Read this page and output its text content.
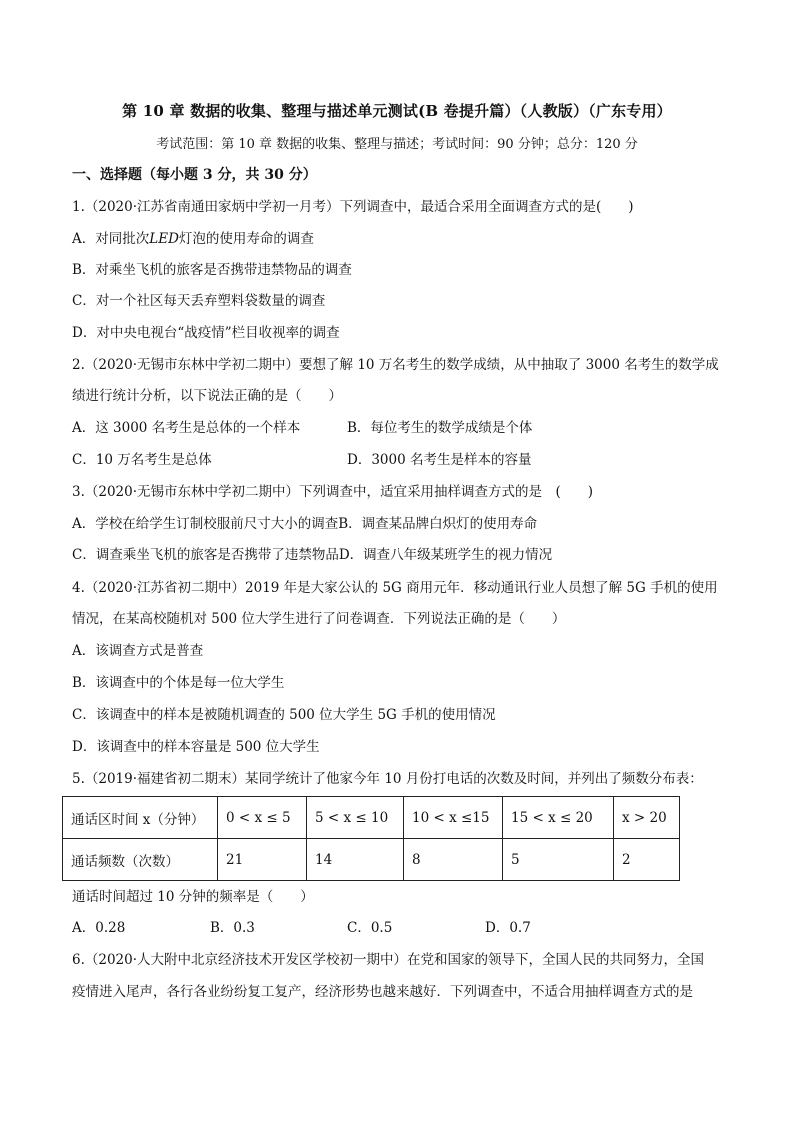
第 10 章 数据的收集、整理与描述单元测试(B 卷提升篇）（人教版）（广东专用）
考试范围：第 10 章 数据的收集、整理与描述；考试时间：90 分钟；总分：120 分
一、选择题（每小题 3 分，共 30 分）
1.（2020·江苏省南通田家炳中学初一月考）下列调查中，最适合采用全面调查方式的是(　　)
A．对同批次LED灯泡的使用寿命的调查
B．对乘坐飞机的旅客是否携带违禁物品的调查
C．对一个社区每天丢弃塑料袋数量的调查
D．对中央电视台“战疫情”栏目收视率的调查
2.（2020·无锡市东林中学初二期中）要想了解 10 万名考生的数学成绩，从中抽取了 3000 名考生的数学成
绩进行统计分析，以下说法正确的是（　　）
A．这 3000 名考生是总体的一个样本	B．每位考生的数学成绩是个体
C．10 万名考生是总体	D．3000 名考生是样本的容量
3.（2020·无锡市东林中学初二期中）下列调查中，适宜采用抽样调查方式的是　(　　)
A．学校在给学生订制校服前尺寸大小的调查B．调查某品牌白炽灯的使用寿命
C．调查乘坐飞机的旅客是否携带了违禁物品D．调查八年级某班学生的视力情况
4.（2020·江苏省初二期中）2019 年是大家公认的 5G 商用元年．移动通讯行业人员想了解 5G 手机的使用
情况，在某高校随机对 500 位大学生进行了问卷调查．下列说法正确的是（　　）
A．该调查方式是普查
B．该调查中的个体是每一位大学生
C．该调查中的样本是被随机调查的 500 位大学生 5G 手机的使用情况
D．该调查中的样本容量是 500 位大学生
5.（2019·福建省初二期末）某同学统计了他家今年 10 月份打电话的次数及时间，并列出了频数分布表：
通话区时间 x（分钟）	0 < x ≤ 5	5 < x ≤ 10	10 < x ≤15	15 < x ≤ 20	x > 20
通话频数（次数）	21	14	8	5	2
通话时间超过 10 分钟的频率是（　　）
A．0.28	B．0.3	C．0.5	D．0.7
6.（2020·人大附中北京经济技术开发区学校初一期中）在党和国家的领导下，全国人民的共同努力，全国
疫情进入尾声，各行各业纷纷复工复产，经济形势也越来越好．下列调查中，不适合用抽样调查方式的是
